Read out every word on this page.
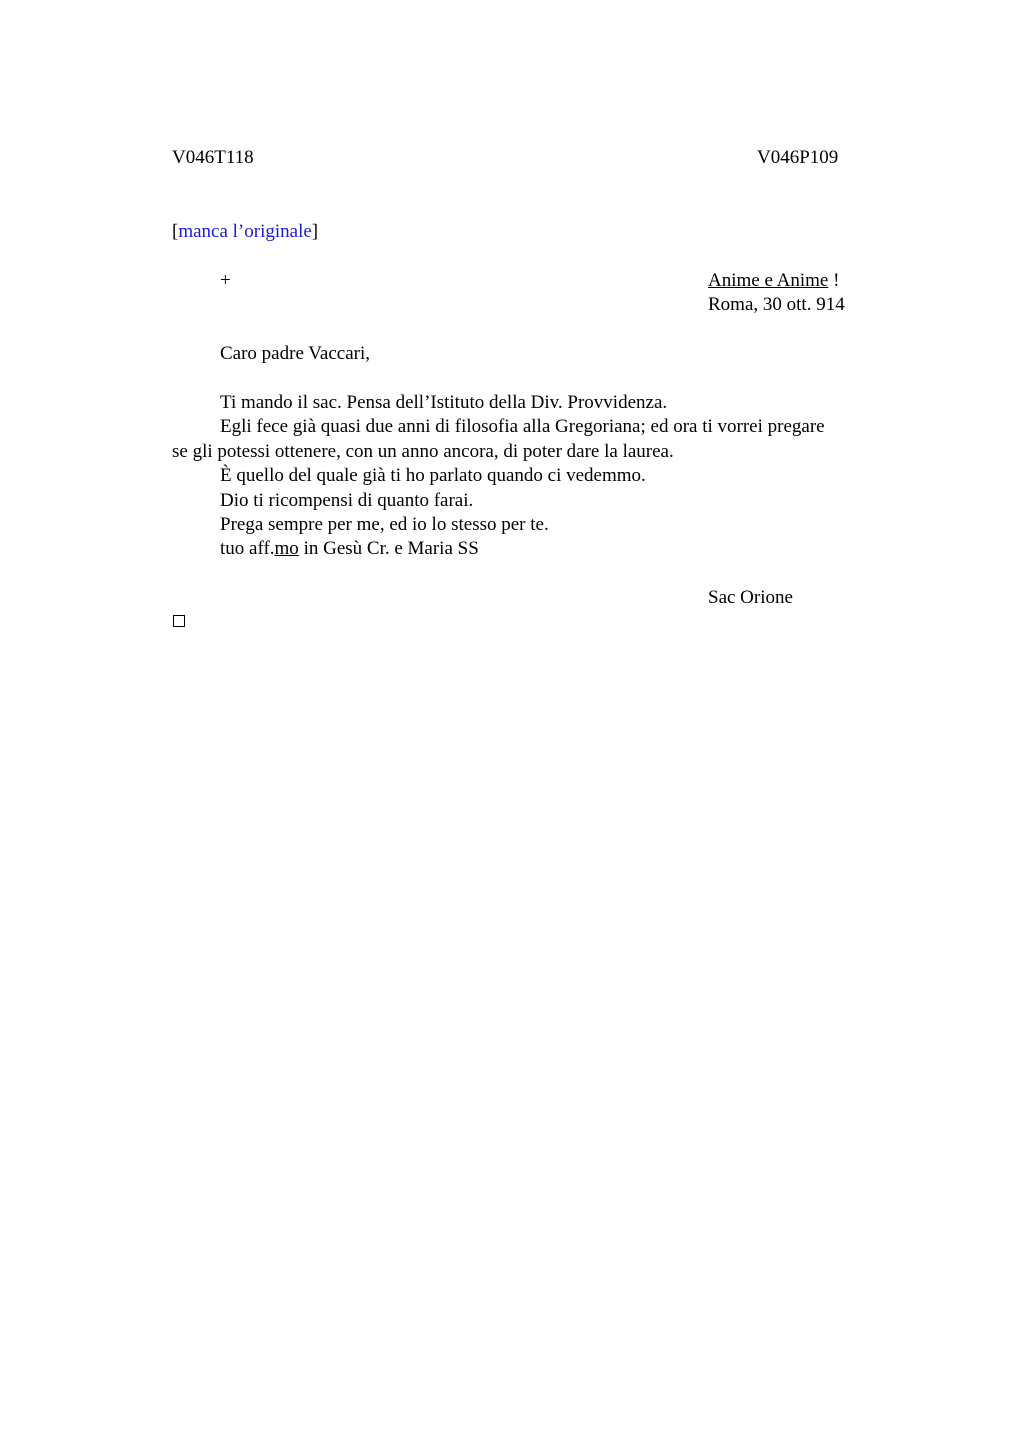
V046T118	V046P109
[manca l’originale]
+	Anime e Anime !
Roma, 30 ott. 914
Caro padre Vaccari,
Ti mando il sac. Pensa dell’Istituto della Div. Provvidenza.
Egli fece già quasi due anni di filosofia alla Gregoriana; ed ora ti vorrei pregare
se gli potessi ottenere, con un anno ancora, di poter dare la laurea.
È quello del quale già ti ho parlato quando ci vedemmo.
Dio ti ricompensi di quanto farai.
Prega sempre per me, ed io lo stesso per te.
tuo aff.mo in Gesù Cr. e Maria SS
Sac Orione
